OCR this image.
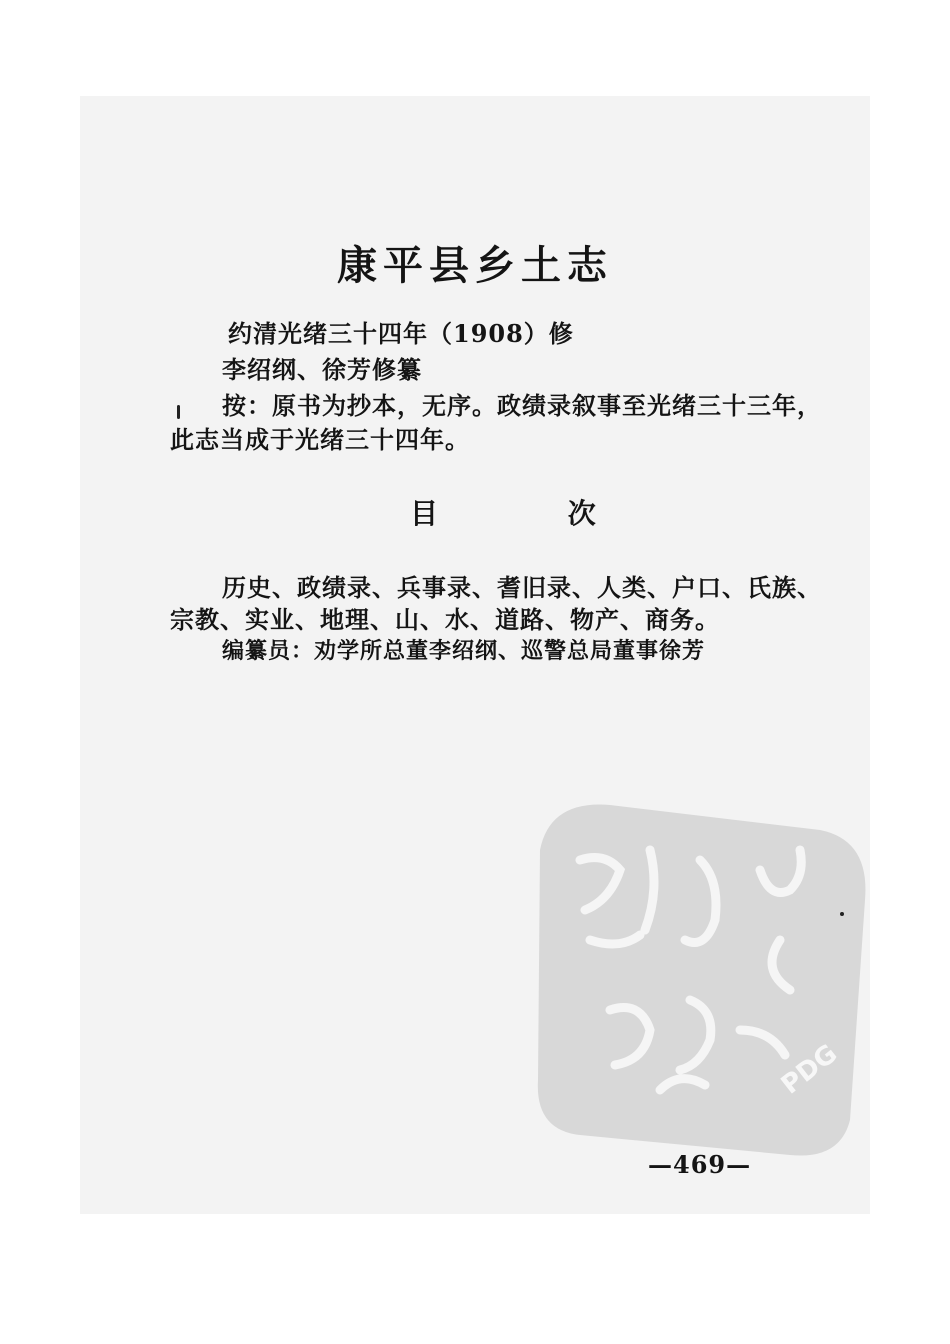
康平县乡土志
约清光绪三十四年（1908）修
李绍纲、徐芳修纂
按：原书为抄本，无序。政绩录叙事至光绪三十三年，
此志当成于光绪三十四年。
目 次
历史、政绩录、兵事录、耆旧录、人类、户口、氏族、
宗教、实业、地理、山、水、道路、物产、商务。
编纂员：劝学所总董李绍纲、巡警总局董事徐芳
PDG
—469—
